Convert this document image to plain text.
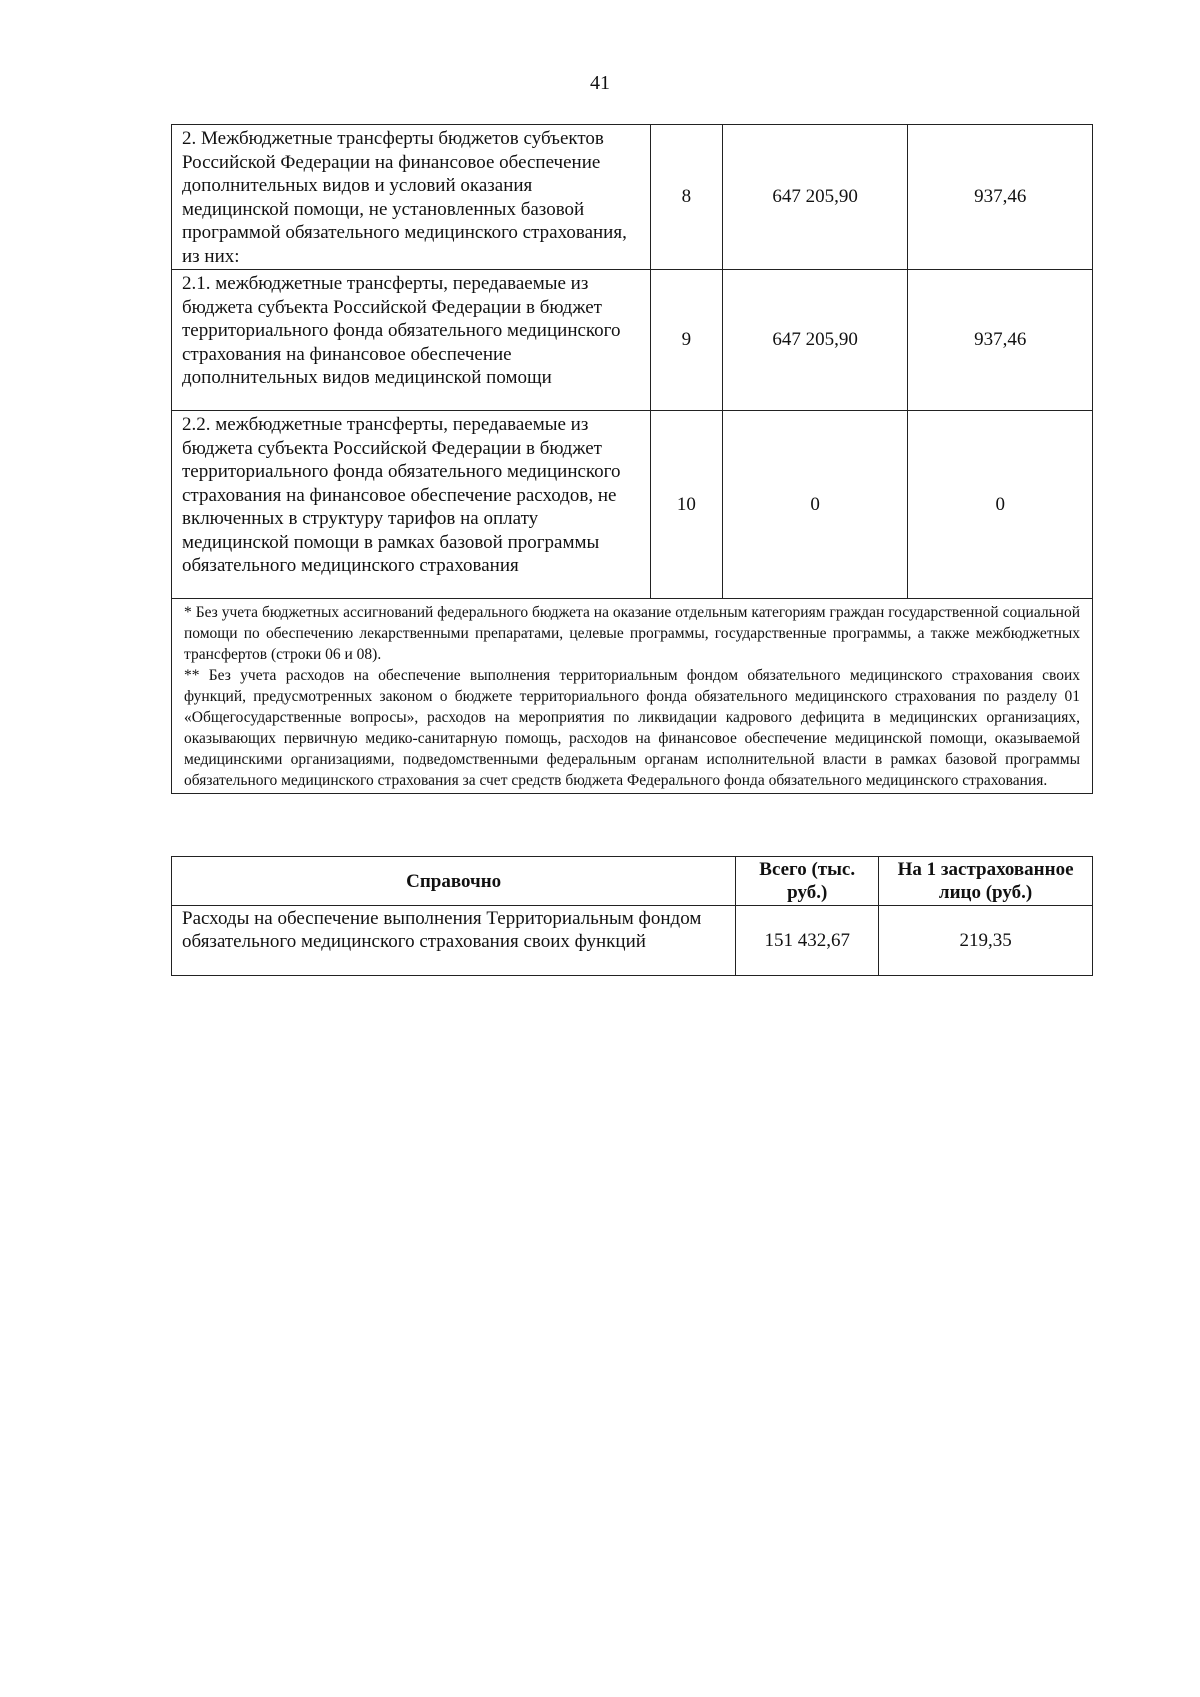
41
2. Межбюджетные трансферты бюджетов субъектов Российской Федерации на финансовое обеспечение дополнительных видов и условий оказания медицинской помощи, не установленных базовой программой обязательного медицинского страхования, из них:	8	647 205,90	937,46
2.1. межбюджетные трансферты, передаваемые из бюджета субъекта Российской Федерации в бюджет территориального фонда обязательного медицинского страхования на финансовое обеспечение дополнительных видов медицинской помощи	9	647 205,90	937,46
2.2. межбюджетные трансферты, передаваемые из бюджета субъекта Российской Федерации в бюджет территориального фонда обязательного медицинского страхования на финансовое обеспечение расходов, не включенных в структуру тарифов на оплату медицинской помощи в рамках базовой программы обязательного медицинского страхования	10	0	0

* Без учета бюджетных ассигнований федерального бюджета на оказание отдельным категориям граждан государственной социальной помощи по обеспечению лекарственными препаратами, целевые программы, государственные программы, а также межбюджетных трансфертов (строки 06 и 08).

** Без учета расходов на обеспечение выполнения территориальным фондом обязательного медицинского страхования своих функций, предусмотренных законом о бюджете территориального фонда обязательного медицинского страхования по разделу 01 «Общегосударственные вопросы», расходов на мероприятия по ликвидации кадрового дефицита в медицинских организациях, оказывающих первичную медико-санитарную помощь, расходов на финансовое обеспечение медицинской помощи, оказываемой медицинскими организациями, подведомственными федеральным органам исполнительной власти в рамках базовой программы обязательного медицинского страхования за счет средств бюджета Федерального фонда обязательного медицинского страхования.			

Справочно	Всего (тыс. руб.)	На 1 застрахованное лицо (руб.)
Расходы на обеспечение выполнения Территориальным фондом обязательного медицинского страхования своих функций	151 432,67	219,35
